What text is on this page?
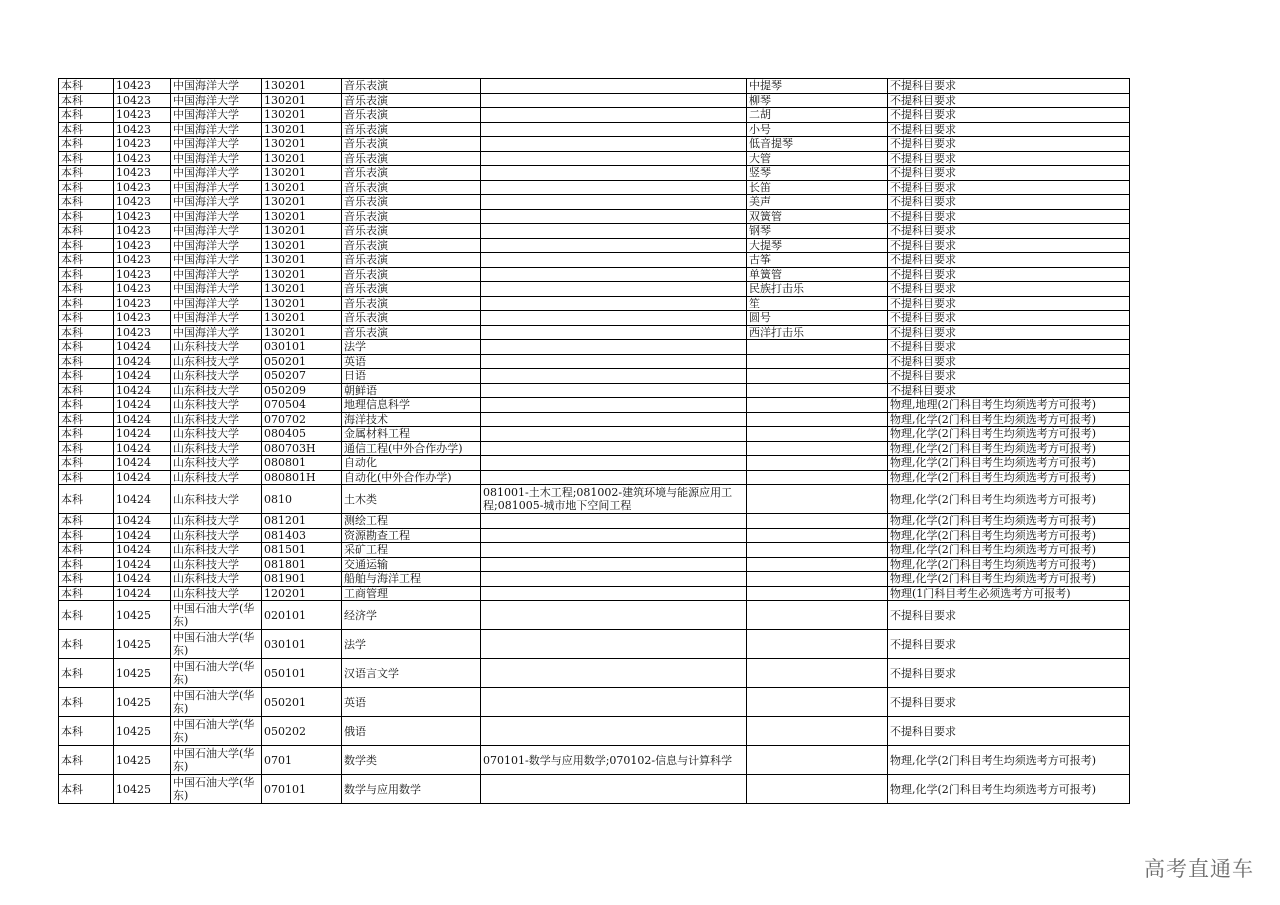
本科	10423	中国海洋大学	130201	音乐表演		中提琴	不提科目要求
本科	10423	中国海洋大学	130201	音乐表演		柳琴	不提科目要求
本科	10423	中国海洋大学	130201	音乐表演		二胡	不提科目要求
本科	10423	中国海洋大学	130201	音乐表演		小号	不提科目要求
本科	10423	中国海洋大学	130201	音乐表演		低音提琴	不提科目要求
本科	10423	中国海洋大学	130201	音乐表演		大管	不提科目要求
本科	10423	中国海洋大学	130201	音乐表演		竖琴	不提科目要求
本科	10423	中国海洋大学	130201	音乐表演		长笛	不提科目要求
本科	10423	中国海洋大学	130201	音乐表演		美声	不提科目要求
本科	10423	中国海洋大学	130201	音乐表演		双簧管	不提科目要求
本科	10423	中国海洋大学	130201	音乐表演		钢琴	不提科目要求
本科	10423	中国海洋大学	130201	音乐表演		大提琴	不提科目要求
本科	10423	中国海洋大学	130201	音乐表演		古筝	不提科目要求
本科	10423	中国海洋大学	130201	音乐表演		单簧管	不提科目要求
本科	10423	中国海洋大学	130201	音乐表演		民族打击乐	不提科目要求
本科	10423	中国海洋大学	130201	音乐表演		笙	不提科目要求
本科	10423	中国海洋大学	130201	音乐表演		圆号	不提科目要求
本科	10423	中国海洋大学	130201	音乐表演		西洋打击乐	不提科目要求
本科	10424	山东科技大学	030101	法学			不提科目要求
本科	10424	山东科技大学	050201	英语			不提科目要求
本科	10424	山东科技大学	050207	日语			不提科目要求
本科	10424	山东科技大学	050209	朝鲜语			不提科目要求
本科	10424	山东科技大学	070504	地理信息科学			物理,地理(2门科目考生均须选考方可报考)
本科	10424	山东科技大学	070702	海洋技术			物理,化学(2门科目考生均须选考方可报考)
本科	10424	山东科技大学	080405	金属材料工程			物理,化学(2门科目考生均须选考方可报考)
本科	10424	山东科技大学	080703H	通信工程(中外合作办学)			物理,化学(2门科目考生均须选考方可报考)
本科	10424	山东科技大学	080801	自动化			物理,化学(2门科目考生均须选考方可报考)
本科	10424	山东科技大学	080801H	自动化(中外合作办学)			物理,化学(2门科目考生均须选考方可报考)
本科	10424	山东科技大学	0810	土木类	081001-土木工程;081002-建筑环境与能源应用工程;081005-城市地下空间工程		物理,化学(2门科目考生均须选考方可报考)
本科	10424	山东科技大学	081201	测绘工程			物理,化学(2门科目考生均须选考方可报考)
本科	10424	山东科技大学	081403	资源勘查工程			物理,化学(2门科目考生均须选考方可报考)
本科	10424	山东科技大学	081501	采矿工程			物理,化学(2门科目考生均须选考方可报考)
本科	10424	山东科技大学	081801	交通运输			物理,化学(2门科目考生均须选考方可报考)
本科	10424	山东科技大学	081901	船舶与海洋工程			物理,化学(2门科目考生均须选考方可报考)
本科	10424	山东科技大学	120201	工商管理			物理(1门科目考生必须选考方可报考)
本科	10425	中国石油大学(华东)	020101	经济学			不提科目要求
本科	10425	中国石油大学(华东)	030101	法学			不提科目要求
本科	10425	中国石油大学(华东)	050101	汉语言文学			不提科目要求
本科	10425	中国石油大学(华东)	050201	英语			不提科目要求
本科	10425	中国石油大学(华东)	050202	俄语			不提科目要求
本科	10425	中国石油大学(华东)	0701	数学类	070101-数学与应用数学;070102-信息与计算科学		物理,化学(2门科目考生均须选考方可报考)
本科	10425	中国石油大学(华东)	070101	数学与应用数学			物理,化学(2门科目考生均须选考方可报考)
高考直通车
